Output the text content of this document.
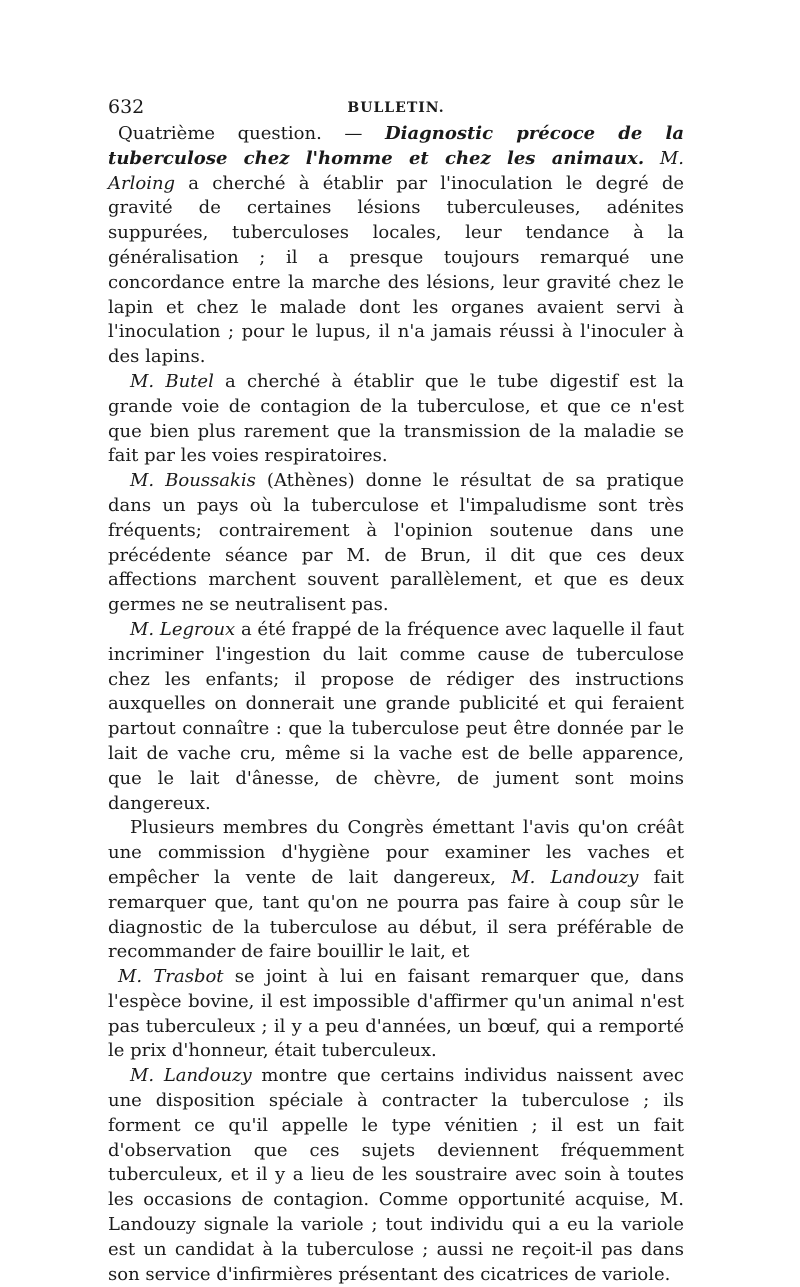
632	BULLETIN.

Quatrième question. — Diagnostic précoce de la tuberculose chez l'homme et chez les animaux. M. Arloing a cherché à établir par l'inoculation le degré de gravité de certaines lésions tuberculeuses, adénites suppurées, tuberculoses locales, leur tendance à la généralisation ; il a presque toujours remarqué une concordance entre la marche des lésions, leur gravité chez le lapin et chez le malade dont les organes avaient servi à l'inoculation ; pour le lupus, il n'a jamais réussi à l'inoculer à des lapins.

M. Butel a cherché à établir que le tube digestif est la grande voie de contagion de la tuberculose, et que ce n'est que bien plus rarement que la transmission de la maladie se fait par les voies respiratoires.

M. Boussakis (Athènes) donne le résultat de sa pratique dans un pays où la tuberculose et l'impaludisme sont très fréquents; contrairement à l'opinion soutenue dans une précédente séance par M. de Brun, il dit que ces deux affections marchent souvent parallèlement, et que es deux germes ne se neutralisent pas.

M. Legroux a été frappé de la fréquence avec laquelle il faut incriminer l'ingestion du lait comme cause de tuberculose chez les enfants; il propose de rédiger des instructions auxquelles on donnerait une grande publicité et qui feraient partout connaître : que la tuberculose peut être donnée par le lait de vache cru, même si la vache est de belle apparence, que le lait d'ânesse, de chèvre, de jument sont moins dangereux.

Plusieurs membres du Congrès émettant l'avis qu'on créât une commission d'hygiène pour examiner les vaches et empêcher la vente de lait dangereux, M. Landouzy fait remarquer que, tant qu'on ne pourra pas faire à coup sûr le diagnostic de la tuberculose au début, il sera préférable de recommander de faire bouillir le lait, et

M. Trasbot se joint à lui en faisant remarquer que, dans l'espèce bovine, il est impossible d'affirmer qu'un animal n'est pas tuberculeux ; il y a peu d'années, un bœuf, qui a remporté le prix d'honneur, était tuberculeux.

M. Landouzy montre que certains individus naissent avec une disposition spéciale à contracter la tuberculose ; ils forment ce qu'il appelle le type vénitien ; il est un fait d'observation que ces sujets deviennent fréquemment tuberculeux, et il y a lieu de les soustraire avec soin à toutes les occasions de contagion. Comme opportunité acquise, M. Landouzy signale la variole ; tout individu qui a eu la variole est un candidat à la tuberculose ; aussi ne reçoit-il pas dans son service d'infirmières présentant des cicatrices de variole.
